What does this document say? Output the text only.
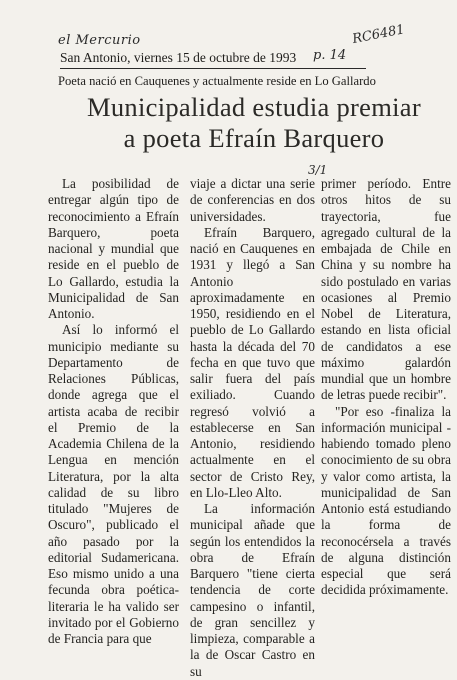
el Mercurio	RC6481
p. 14
3/1
San Antonio, viernes 15 de octubre de 1993
Poeta nació en Cauquenes y actualmente reside en Lo Gallardo
Municipalidad estudia premiar a poeta Efraín Barquero

La posibilidad de entregar algún tipo de reconocimiento a Efraín Barquero, poeta nacional y mundial que reside en el pueblo de Lo Gallardo, estudia la Municipalidad de San Antonio.

Así lo informó el municipio mediante su Departamento de Relaciones Públicas, donde agrega que el artista acaba de recibir el Premio de la Academia Chilena de la Lengua en mención Literatura, por la alta calidad de su libro titulado "Mujeres de Oscuro", publicado el año pasado por la editorial Sudamericana. Eso mismo unido a una fecunda obra poética-literaria le ha valido ser invitado por el Gobierno de Francia para que

viaje a dictar una serie de conferencias en dos universidades.

Efraín Barquero, nació en Cauquenes en 1931 y llegó a San Antonio aproximadamente en 1950, residiendo en el pueblo de Lo Gallardo hasta la década del 70 fecha en que tuvo que salir fuera del país exiliado. Cuando regresó volvió a establecerse en San Antonio, residiendo actualmente en el sector de Cristo Rey, en Llo-Lleo Alto.

La información municipal añade que según los entendidos la obra de Efraín Barquero "tiene cierta tendencia de corte campesino o infantil, de gran sencillez y limpieza, comparable a la de Oscar Castro en su

primer período. Entre otros hitos de su trayectoria, fue agregado cultural de la embajada de Chile en China y su nombre ha sido postulado en varias ocasiones al Premio Nobel de Literatura, estando en lista oficial de candidatos a ese máximo galardón mundial que un hombre de letras puede recibir".

"Por eso -finaliza la información municipal -habiendo tomado pleno conocimiento de su obra y valor como artista, la municipalidad de San Antonio está estudiando la forma de reconocérsela a través de alguna distinción especial que será decidida próximamente.
